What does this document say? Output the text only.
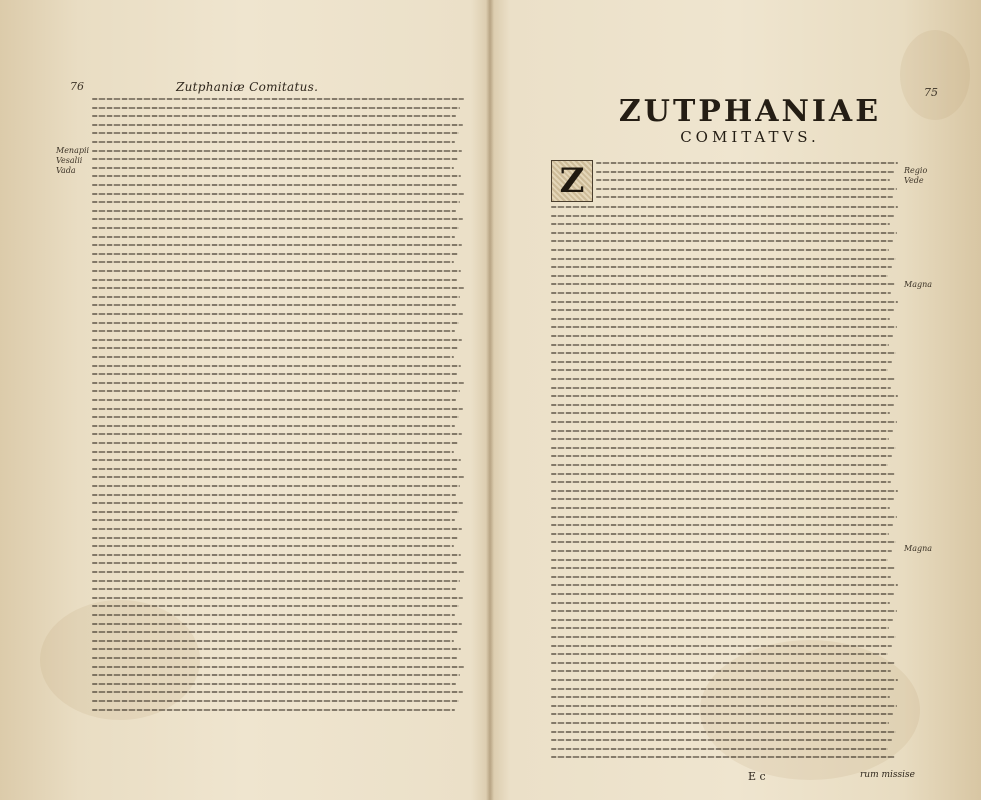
76	Zutphaniæ Comitatus.
Menapii
Vesalii
Vada
75
ZUTPHANIAE
COMITATVS.
Z	Regio
Vede
Magna
Magna
E c	rum missise
